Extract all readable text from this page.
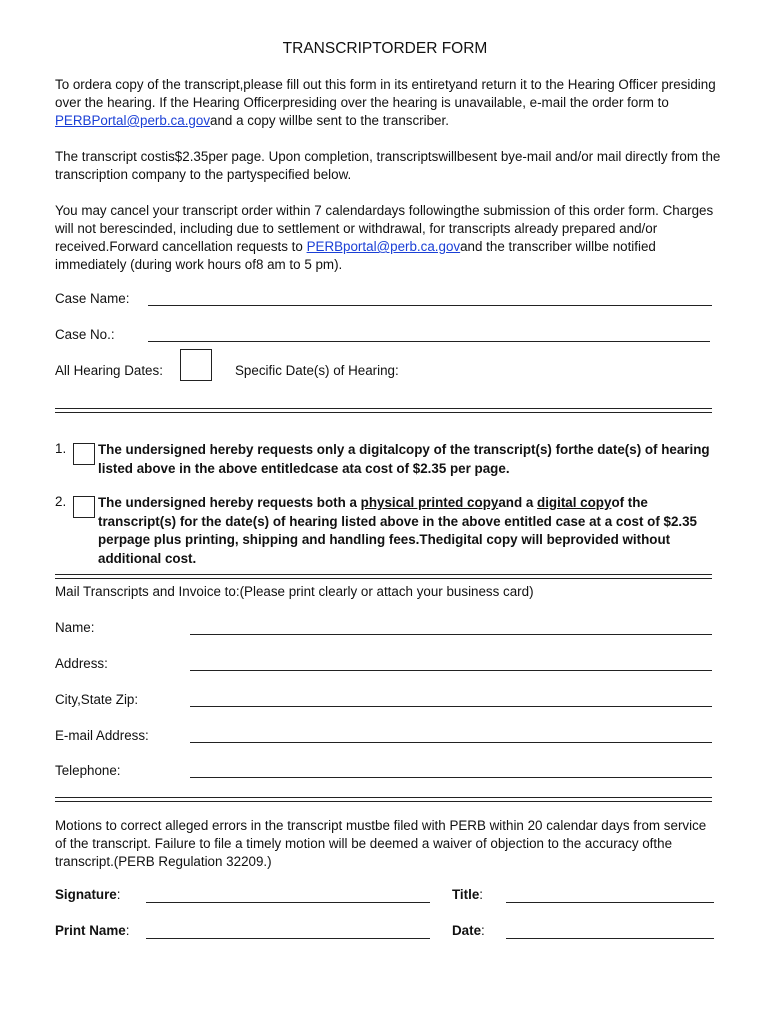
TRANSCRIPTORDER FORM
To ordera copy of the transcript,please fill out this form in its entiretyand return it to the Hearing Officer presiding over the hearing. If the Hearing Officerpresiding over the hearing is unavailable, e-mail the order form to PERBPortal@perb.ca.govand a copy willbe sent to the transcriber.
The transcript costis$2.35per page. Upon completion, transcriptswillbesent bye-mail and/or mail directly from the transcription company to the partyspecified below.
You may cancel your transcript order within 7 calendardays followingthe submission of this order form. Charges will not berescinded, including due to settlement or withdrawal, for transcripts already prepared and/or received.Forward cancellation requests to PERBportal@perb.ca.govand the transcriber willbe notified immediately (during work hours of8 am to 5 pm).
Case Name:
Case No.:
All Hearing Dates:	Specific Date(s) of Hearing:
1. The undersigned hereby requests only a digitalcopy of the transcript(s) forthe date(s) of hearing listed above in the above entitledcase ata cost of $2.35 per page.
2. The undersigned hereby requests both a physical printed copyand a digital copyof the transcript(s) for the date(s) of hearing listed above in the above entitled case at a cost of $2.35 perpage plus printing, shipping and handling fees.Thedigital copy will beprovided without additional cost.
Mail Transcripts and Invoice to:(Please print clearly or attach your business card)
Name:
Address:
City,State Zip:
E-mail Address:
Telephone:
Motions to correct alleged errors in the transcript mustbe filed with PERB within 20 calendar days from service of the transcript. Failure to file a timely motion will be deemed a waiver of objection to the accuracy ofthe transcript.(PERB Regulation 32209.)
Signature:	Title:
Print Name:	Date:
